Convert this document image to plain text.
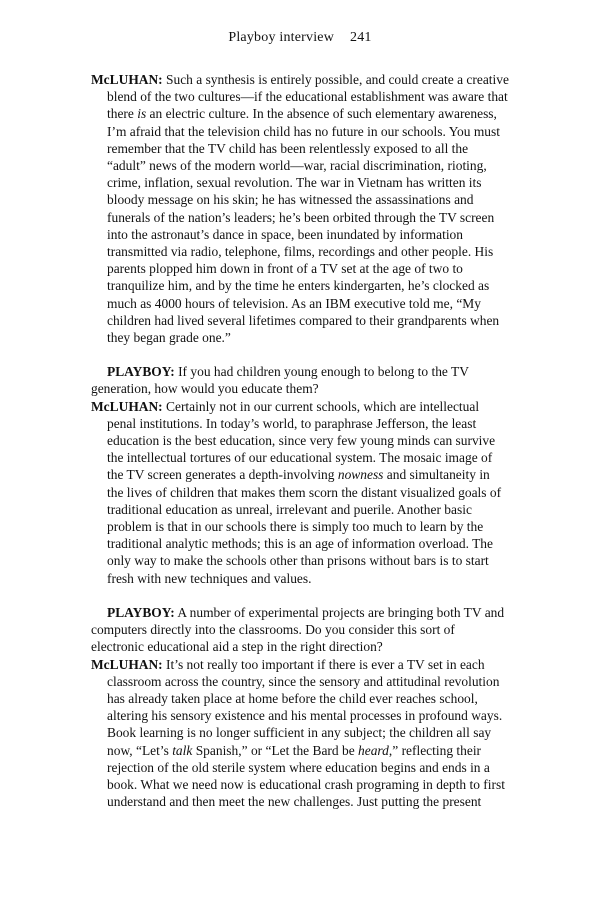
Playboy interview 241

McLUHAN: Such a synthesis is entirely possible, and could create a creative blend of the two cultures—if the educational establishment was aware that there is an electric culture. In the absence of such elementary awareness, I’m afraid that the television child has no future in our schools. You must remember that the TV child has been relentlessly exposed to all the “adult” news of the modern world—war, racial discrimination, rioting, crime, inflation, sexual revolution. The war in Vietnam has written its bloody message on his skin; he has witnessed the assassinations and funerals of the nation’s leaders; he’s been orbited through the TV screen into the astronaut’s dance in space, been inundated by information transmitted via radio, telephone, films, recordings and other people. His parents plopped him down in front of a TV set at the age of two to tranquilize him, and by the time he enters kindergarten, he’s clocked as much as 4000 hours of television. As an IBM executive told me, “My children had lived several lifetimes compared to their grandparents when they began grade one.”

PLAYBOY: If you had children young enough to belong to the TV generation, how would you educate them?

McLUHAN: Certainly not in our current schools, which are intellectual penal institutions. In today’s world, to paraphrase Jefferson, the least education is the best education, since very few young minds can survive the intellectual tortures of our educational system. The mosaic image of the TV screen generates a depth-involving nowness and simultaneity in the lives of children that makes them scorn the distant visualized goals of traditional education as unreal, irrelevant and puerile. Another basic problem is that in our schools there is simply too much to learn by the traditional analytic methods; this is an age of information overload. The only way to make the schools other than prisons without bars is to start fresh with new techniques and values.

PLAYBOY: A number of experimental projects are bringing both TV and computers directly into the classrooms. Do you consider this sort of electronic educational aid a step in the right direction?

McLUHAN: It’s not really too important if there is ever a TV set in each classroom across the country, since the sensory and attitudinal revolution has already taken place at home before the child ever reaches school, altering his sensory existence and his mental processes in profound ways. Book learning is no longer sufficient in any subject; the children all say now, “Let’s talk Spanish,” or “Let the Bard be heard,” reflecting their rejection of the old sterile system where education begins and ends in a book. What we need now is educational crash programing in depth to first understand and then meet the new challenges. Just putting the present
